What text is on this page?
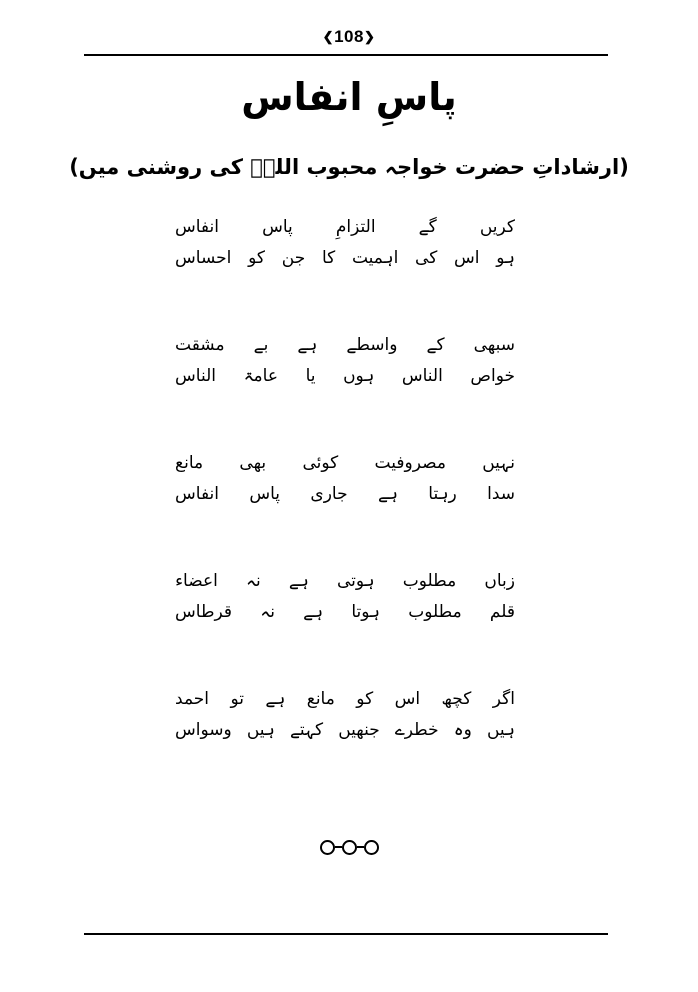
❮108❯
پاسِ انفاس
(ارشاداتِ حضرت خواجہ محبوب اللہؒ کی روشنی میں)
کریں
گے
التزامِ
پاس
انفاس
ہو
اس
کی
اہمیت
کا
جن
کو
احساس
سبھی
کے
واسطے
ہے
بے
مشقت
خواص
الناس
ہوں
یا
عامۃ
الناس
نہیں
مصروفیت
کوئی
بھی
مانع
سدا
رہتا
ہے
جاری
پاس
انفاس
زباں
مطلوب
ہوتی
ہے
نہ
اعضاء
قلم
مطلوب
ہوتا
ہے
نہ
قرطاس
اگر
کچھ
اس
کو
مانع
ہے
تو
احمد
ہیں
وہ
خطرے
جنھیں
کہتے
ہیں
وسواس
